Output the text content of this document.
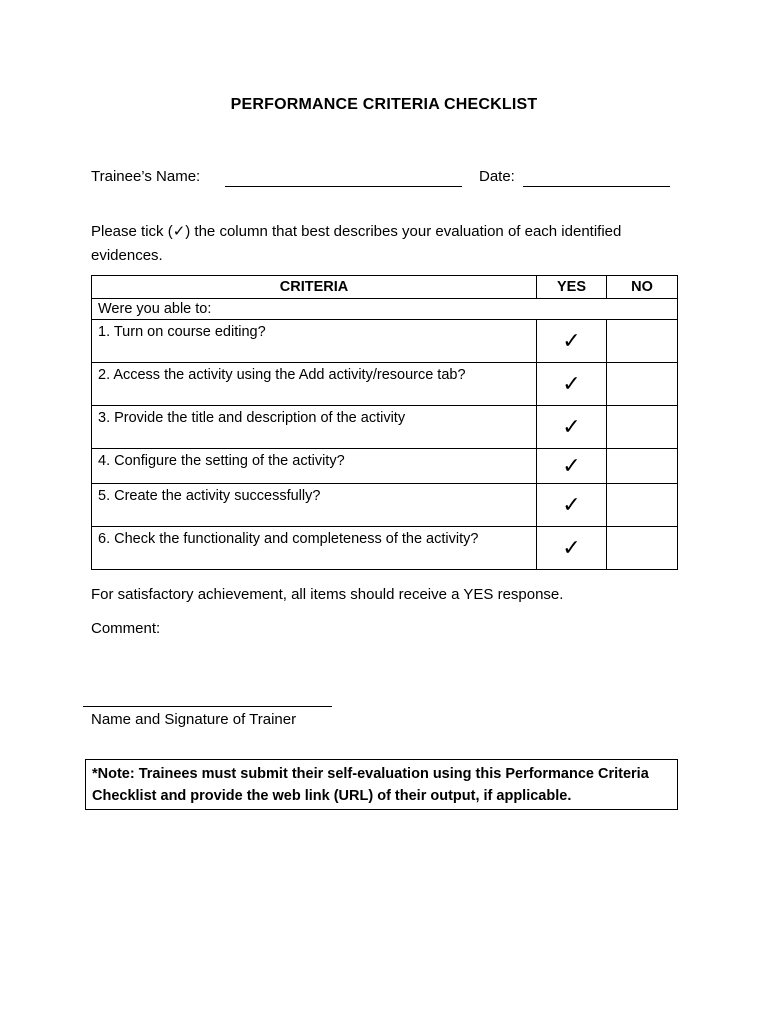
PERFORMANCE CRITERIA CHECKLIST
Trainee’s Name:	Date:
Please tick (✓) the column that best describes your evaluation of each identified evidences.
CRITERIA	YES	NO
Were you able to:		
1. Turn on course editing?	✓	
2. Access the activity using the Add activity/resource tab?	✓	
3. Provide the title and description of the activity	✓	
4. Configure the setting of the activity?	✓	
5. Create the activity successfully?	✓	
6. Check the functionality and completeness of the activity?	✓	
For satisfactory achievement, all items should receive a YES response.
Comment:
Name and Signature of Trainer
*Note: Trainees must submit their self-evaluation using this Performance Criteria Checklist and provide the web link (URL) of their output, if applicable.
